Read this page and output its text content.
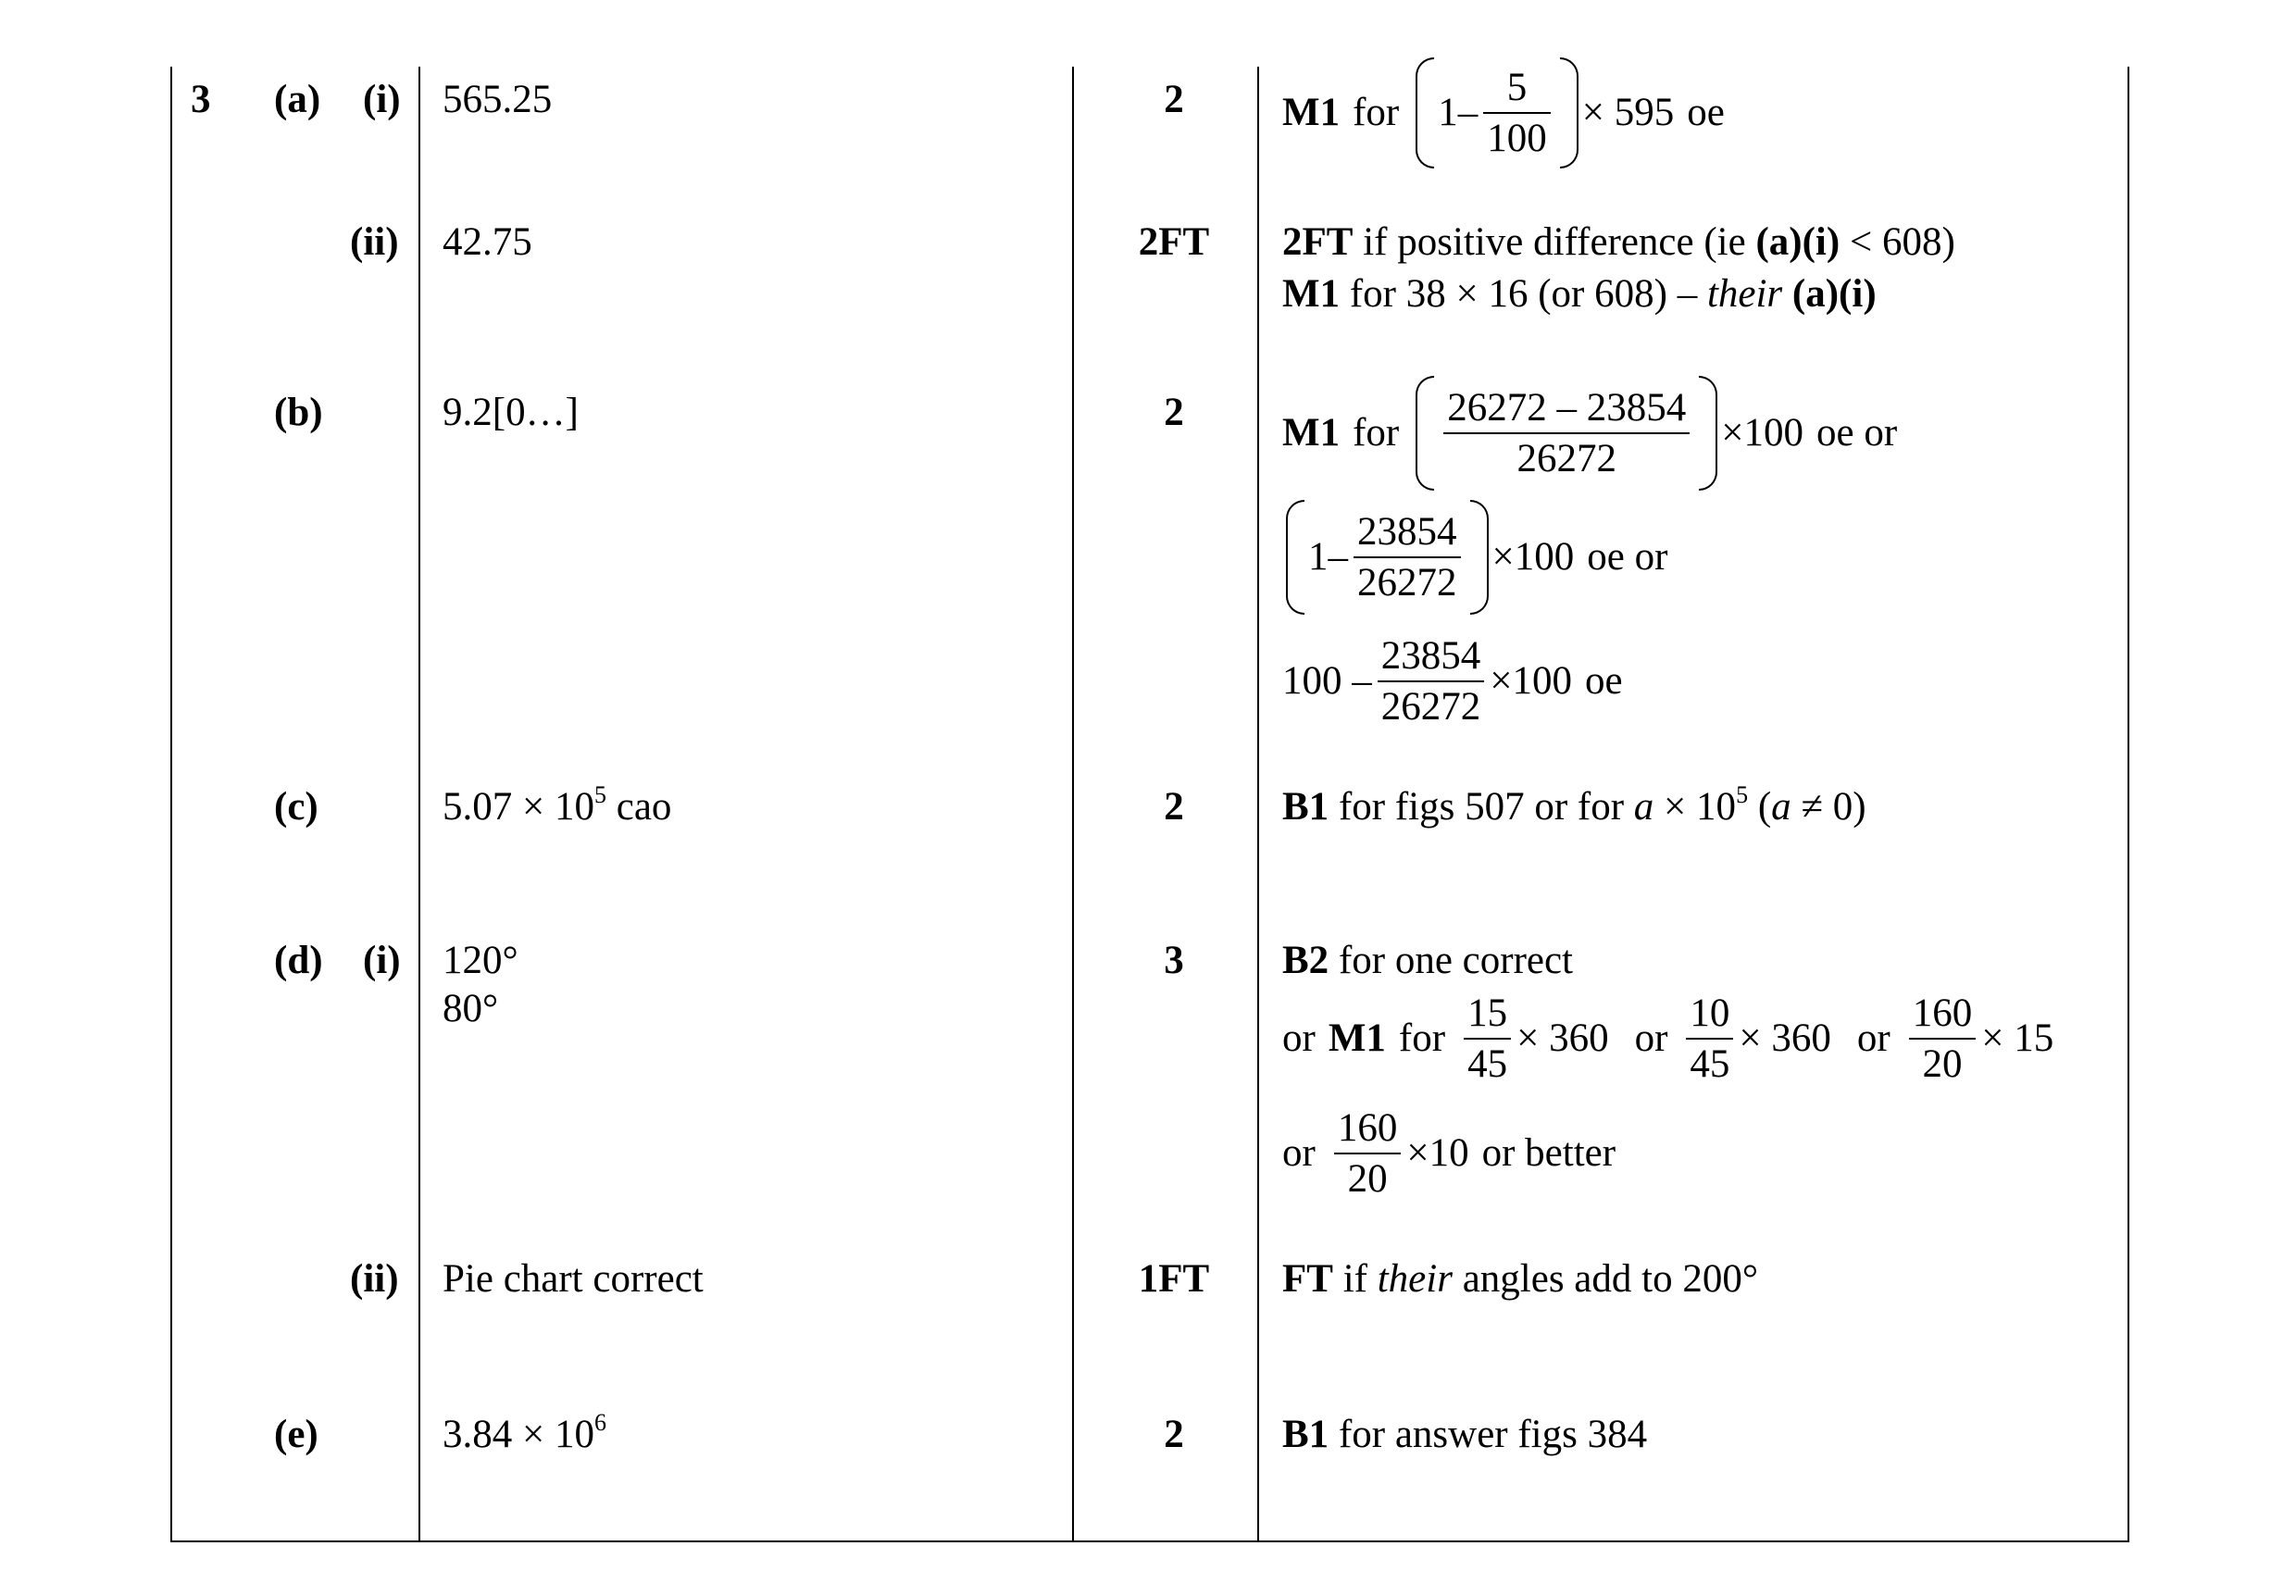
3 (a) (i) 565.25	2	M1 for $1 - \frac{5}{100} \times 595$ oe
(ii) 42.75	2FT	2FT if positive difference (ie (a)(i) < 608)
M1 for 38 × 16 (or 608) – their (a)(i)
(b)	9.2[0…]	2	M1 for $\frac{26272 - 23854}{26272} \times 100$ oe or
$1 - \frac{23854}{26272} \times 100$ oe or
$100 - \frac{23854}{26272} \times 100$ oe
(c)	$5.07 \times 10^5$ cao	2	B1 for figs 507 or for $a \times 10^5$ (a ≠ 0)
(d) (i) 120°
80°
3	B2 for one correct
or M1 for $\frac{15}{45} \times 360$ or $\frac{10}{45} \times 360$ or $\frac{160}{20} \times 15$
or $\frac{160}{20} \times 10$ or better
(ii) Pie chart correct	1FT	FT if their angles add to 200°
(e)	$3.84 \times 10^6$	2	B1 for answer figs 384
